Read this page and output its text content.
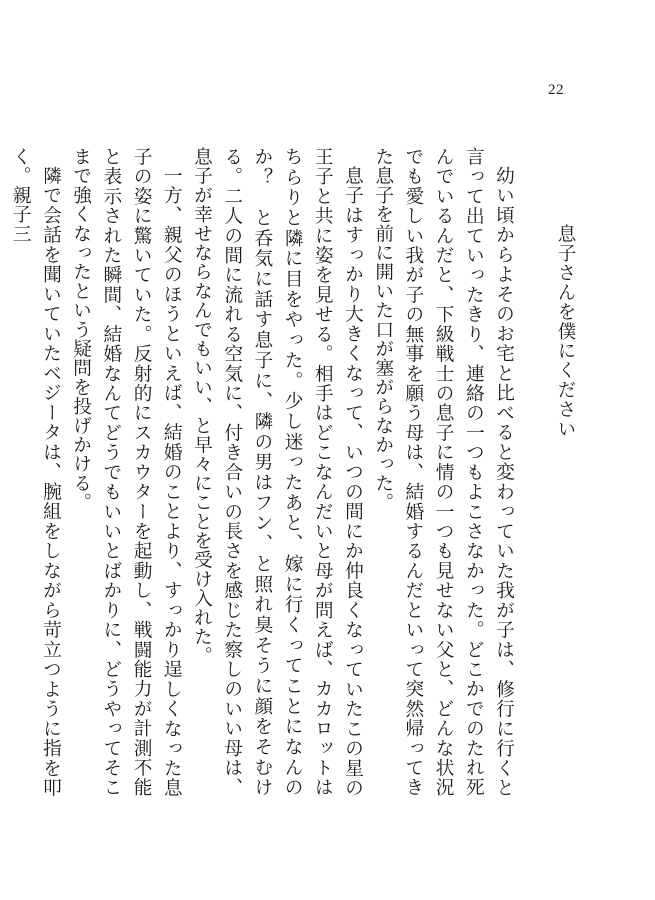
22
息子さんを僕にください

幼い頃からよそのお宅と比べると変わっていた我が子は、修行に行くと言って出ていったきり、連絡の一つもよこさなかった。どこかでのたれ死んでいるんだと、下級戦士の息子に情の一つも見せない父と、どんな状況でも愛しい我が子の無事を願う母は、結婚するんだといって突然帰ってきた息子を前に開いた口が塞がらなかった。

息子はすっかり大きくなって、いつの間にか仲良くなっていたこの星の王子と共に姿を見せる。相手はどこなんだいと母が問えば、カカロットはちらりと隣に目をやった。少し迷ったあと、嫁に行くってことになんのか？　と呑気に話す息子に、隣の男はフン、と照れ臭そうに顔をそむける。二人の間に流れる空気に、付き合いの長さを感じた察しのいい母は、息子が幸せならなんでもいい、と早々にことを受け入れた。

一方、親父のほうといえば、結婚のことより、すっかり逞しくなった息子の姿に驚いていた。反射的にスカウターを起動し、戦闘能力が計測不能と表示された瞬間、結婚なんてどうでもいいとばかりに、どうやってそこまで強くなったという疑問を投げかける。

隣で会話を聞いていたベジータは、腕組をしながら苛立つように指を叩く。親子三
